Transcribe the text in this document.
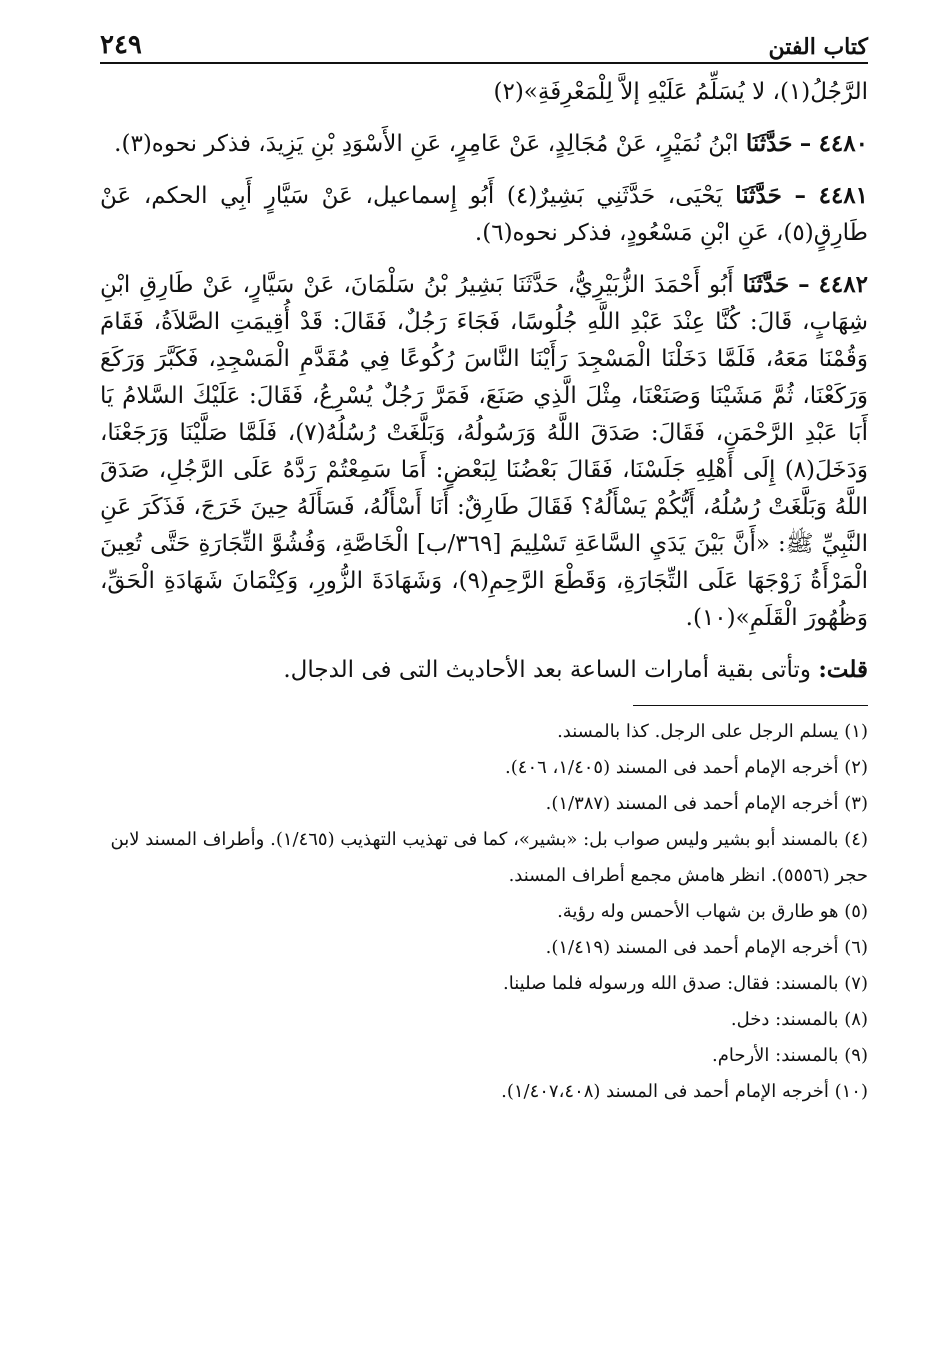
كتاب الفتن
٢٤٩

الرَّجُلُ(١)، لا يُسَلِّمُ عَلَيْهِ إلاَّ لِلْمَعْرِفَةِ»(٢)

٤٤٨٠ – حَدَّثَنَا ابْنُ نُمَيْرٍ، عَنْ مُجَالِدٍ، عَنْ عَامِرٍ، عَنِ الأَسْوَدِ بْنِ يَزِيدَ، فذكر نحوه(٣).

٤٤٨١ – حَدَّثَنَا يَحْيَى، حَدَّثَنِي بَشِيرٌ(٤) أَبُو إِسماعيل، عَنْ سَيَّارٍ أَبِي الحكم، عَنْ طَارِقٍ(٥)، عَنِ ابْنِ مَسْعُودٍ، فذكر نحوه(٦).

٤٤٨٢ – حَدَّثَنَا أَبُو أَحْمَدَ الزُّبَيْرِيُّ، حَدَّثَنَا بَشِيرُ بْنُ سَلْمَانَ، عَنْ سَيَّارٍ، عَنْ طَارِقِ ابْنِ شِهَابٍ، قَالَ: كُنَّا عِنْدَ عَبْدِ اللَّهِ جُلُوسًا، فَجَاءَ رَجُلٌ، فَقَالَ: قَدْ أُقِيمَتِ الصَّلاَةُ، فَقَامَ وَقُمْنَا مَعَهُ، فَلَمَّا دَخَلْنَا الْمَسْجِدَ رَأَيْنَا النَّاسَ رُكُوعًا فِي مُقَدَّمِ الْمَسْجِدِ، فَكَبَّرَ وَرَكَعَ وَرَكَعْنَا، ثُمَّ مَشَيْنَا وَصَنَعْنَا، مِثْلَ الَّذِي صَنَعَ، فَمَرَّ رَجُلٌ يُسْرِعُ، فَقَالَ: عَلَيْكَ السَّلامُ يَا أَبَا عَبْدِ الرَّحْمَنِ، فَقَالَ: صَدَقَ اللَّهُ وَرَسُولُهُ، وَبَلَّغَتْ رُسُلُهُ(٧)، فَلَمَّا صَلَّيْنَا وَرَجَعْنَا، وَدَخَلَ(٨) إِلَى أَهْلِهِ جَلَسْنَا، فَقَالَ بَعْضُنَا لِبَعْضٍ: أَمَا سَمِعْتُمْ رَدَّهُ عَلَى الرَّجُلِ، صَدَقَ اللَّهُ وَبَلَّغَتْ رُسُلُهُ، أَيُّكُمْ يَسْأَلُهُ؟ فَقَالَ طَارِقٌ: أَنَا أَسْأَلُهُ، فَسَأَلَهُ حِينَ خَرَجَ، فَذَكَرَ عَنِ النَّبِيِّ ﷺ: «أَنَّ بَيْنَ يَدَيِ السَّاعَةِ تَسْلِيمَ [٣٦٩/ب] الْخَاصَّةِ، وَفُشُوَّ التِّجَارَةِ حَتَّى تُعِينَ الْمَرْأَةُ زَوْجَهَا عَلَى التِّجَارَةِ، وَقَطْعَ الرَّحِمِ(٩)، وَشَهَادَةَ الزُّورِ، وَكِتْمَانَ شَهَادَةِ الْحَقِّ، وَظُهُورَ الْقَلَمِ»(١٠).

قلت: وتأتى بقية أمارات الساعة بعد الأحاديث التى فى الدجال.

(١) يسلم الرجل على الرجل. كذا بالمسند.

(٢) أخرجه الإمام أحمد فى المسند (١/٤٠٥، ٤٠٦).

(٣) أخرجه الإمام أحمد فى المسند (١/٣٨٧).

(٤) بالمسند أبو بشير وليس صواب بل: «بشير»، كما فى تهذيب التهذيب (١/٤٦٥). وأطراف المسند لابن حجر (٥٥٥٦). انظر هامش مجمع أطراف المسند.

(٥) هو طارق بن شهاب الأحمس وله رؤية.

(٦) أخرجه الإمام أحمد فى المسند (١/٤١٩).

(٧) بالمسند: فقال: صدق الله ورسوله فلما صلينا.

(٨) بالمسند: دخل.

(٩) بالمسند: الأرحام.

(١٠) أخرجه الإمام أحمد فى المسند (١/٤٠٧،٤٠٨).
